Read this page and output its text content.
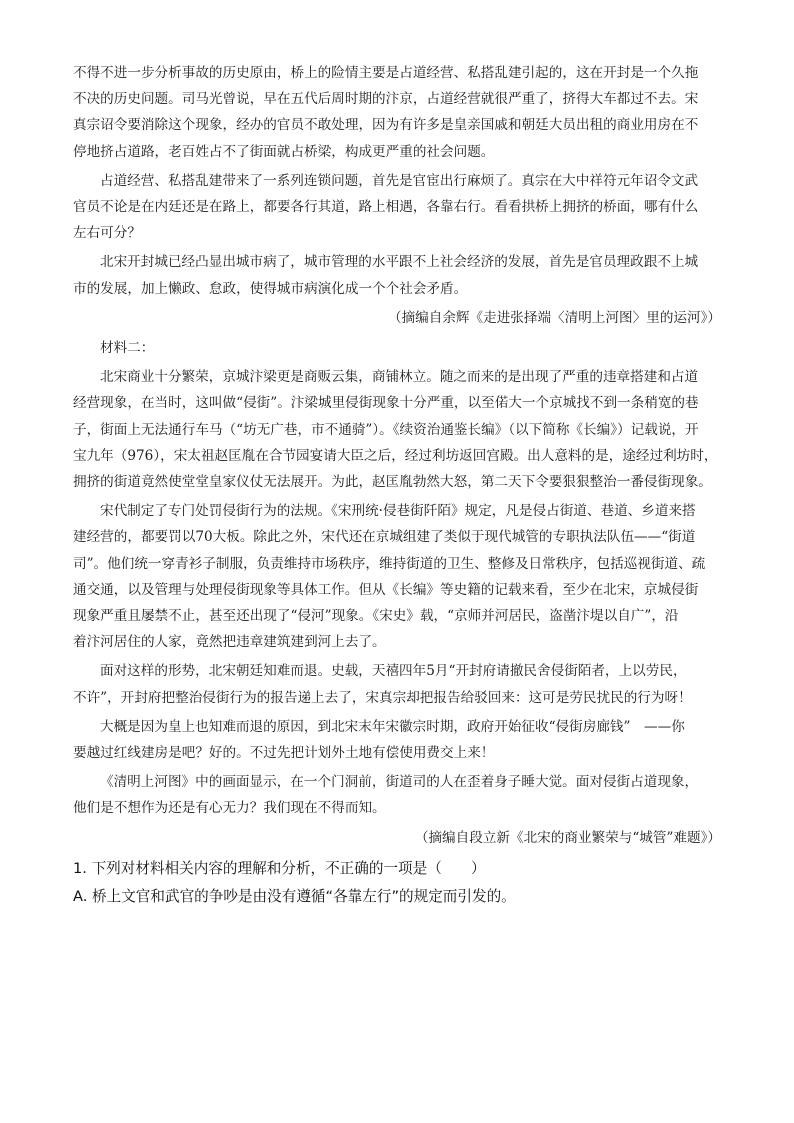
不得不进一步分析事故的历史原由，桥上的险情主要是占道经营、私搭乱建引起的，这在开封是一个久拖
不决的历史问题。司马光曾说，早在五代后周时期的汴京，占道经营就很严重了，挤得大车都过不去。宋
真宗诏令要消除这个现象，经办的官员不敢处理，因为有许多是皇亲国戚和朝廷大员出租的商业用房在不
停地挤占道路，老百姓占不了街面就占桥梁，构成更严重的社会问题。
占道经营、私搭乱建带来了一系列连锁问题，首先是官宦出行麻烦了。真宗在大中祥符元年诏令文武
官员不论是在内廷还是在路上，都要各行其道，路上相遇，各靠右行。看看拱桥上拥挤的桥面，哪有什么
左右可分？
北宋开封城已经凸显出城市病了，城市管理的水平跟不上社会经济的发展，首先是官员理政跟不上城
市的发展，加上懒政、怠政，使得城市病演化成一个个社会矛盾。
（摘编自余辉《走进张择端〈清明上河图〉里的运河》）
材料二：
北宋商业十分繁荣，京城汴梁更是商贩云集，商铺林立。随之而来的是出现了严重的违章搭建和占道
经营现象，在当时，这叫做“侵街”。汴梁城里侵街现象十分严重，以至偌大一个京城找不到一条稍宽的巷
子，街面上无法通行车马（“坊无广巷，市不通骑”）。《续资治通鉴长编》（以下简称《长编》）记载说，开
宝九年（976），宋太祖赵匡胤在合节园宴请大臣之后，经过利坊返回宫殿。出人意料的是，途经过利坊时，
拥挤的街道竟然使堂堂皇家仪仗无法展开。为此，赵匡胤勃然大怒，第二天下令要狠狠整治一番侵街现象。
宋代制定了专门处罚侵街行为的法规。《宋刑统·侵巷街阡陌》规定，凡是侵占街道、巷道、乡道来搭
建经营的，都要罚以70大板。除此之外，宋代还在京城组建了类似于现代城管的专职执法队伍——“街道
司”。他们统一穿青衫子制服，负责维持市场秩序，维持街道的卫生、整修及日常秩序，包括巡视街道、疏
通交通，以及管理与处理侵街现象等具体工作。但从《长编》等史籍的记载来看，至少在北宋，京城侵街
现象严重且屡禁不止，甚至还出现了“侵河”现象。《宋史》载，“京师并河居民，盗凿汴堤以自广”，沿
着汴河居住的人家，竟然把违章建筑建到河上去了。
面对这样的形势，北宋朝廷知难而退。史载，天禧四年5月“开封府请撤民舍侵街陌者，上以劳民，
不许”，开封府把整治侵街行为的报告递上去了，宋真宗却把报告给驳回来：这可是劳民扰民的行为呀！
大概是因为皇上也知难而退的原因，到北宋末年宋徽宗时期，政府开始征收“侵街房廊钱”　——你
要越过红线建房是吧？好的。不过先把计划外土地有偿使用费交上来！
《清明上河图》中的画面显示，在一个门洞前，街道司的人在歪着身子睡大觉。面对侵街占道现象，
他们是不想作为还是有心无力？我们现在不得而知。
（摘编自段立新《北宋的商业繁荣与“城管”难题》）
1. 下列对材料相关内容的理解和分析，不正确的一项是（　　）
A. 桥上文官和武官的争吵是由没有遵循“各靠左行”的规定而引发的。
